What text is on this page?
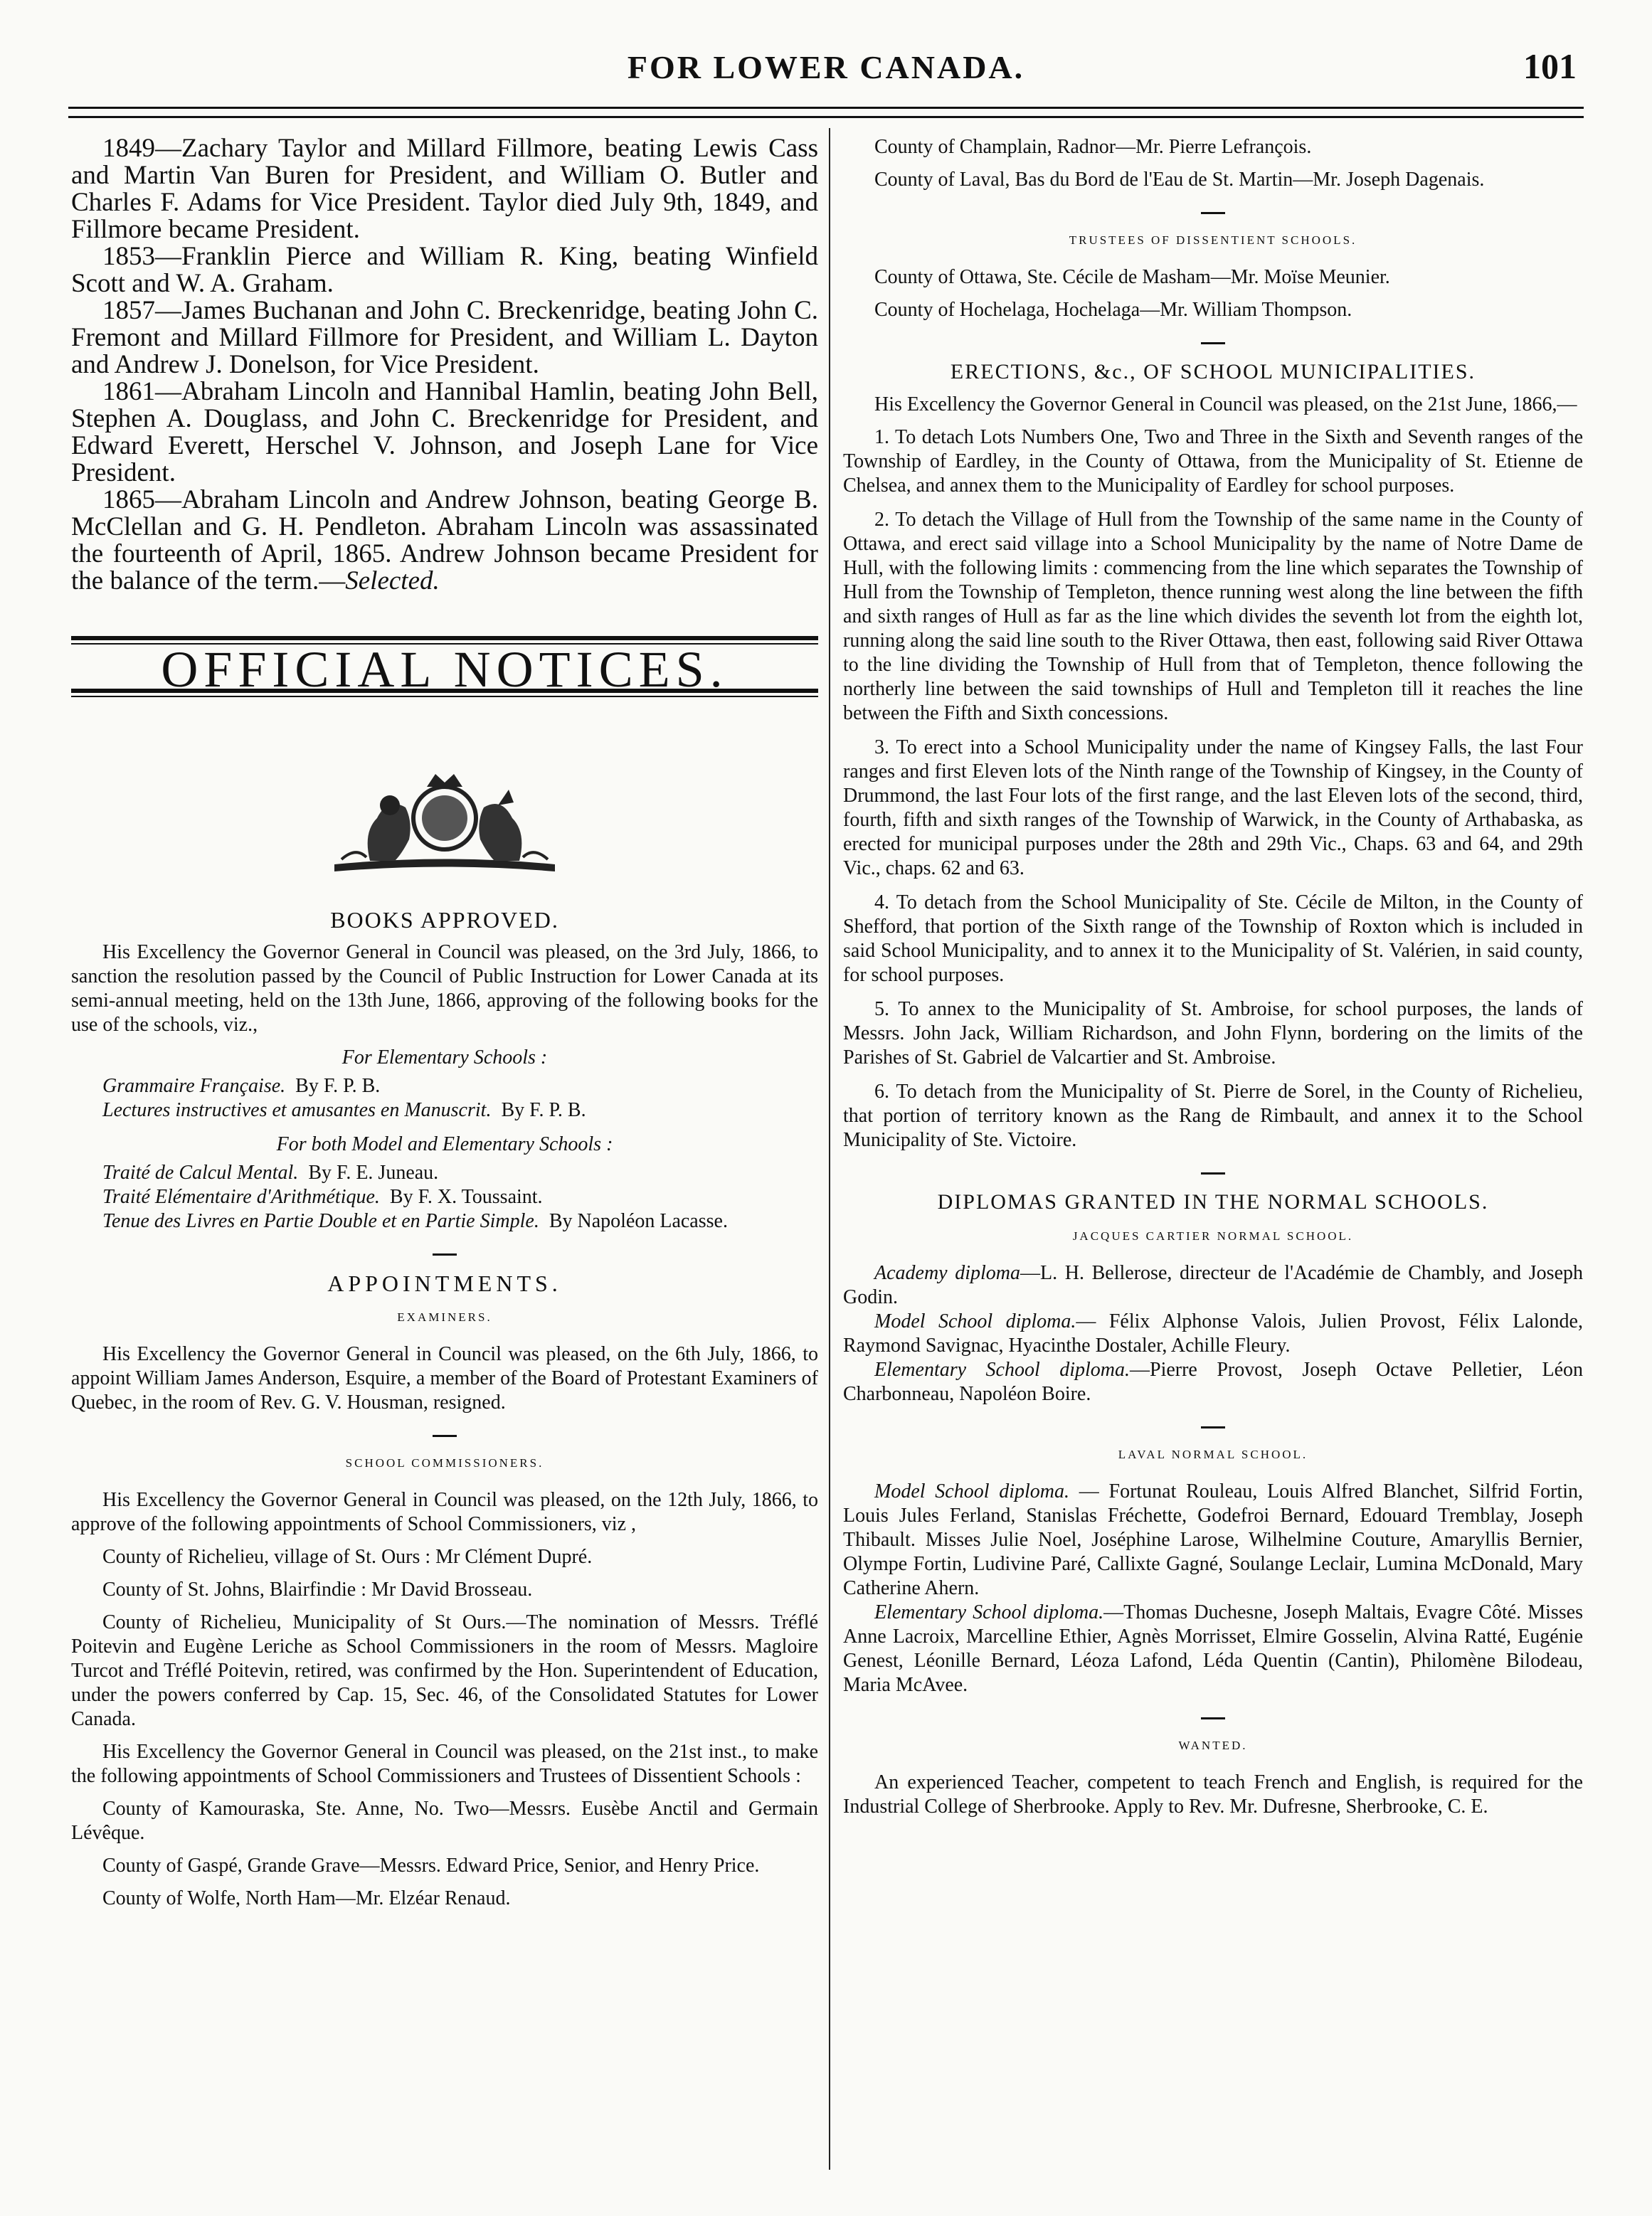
FOR LOWER CANADA.	101

1849—Zachary Taylor and Millard Fillmore, beating Lewis Cass and Martin Van Buren for President, and William O. Butler and Charles F. Adams for Vice President. Taylor died July 9th, 1849, and Fillmore became President.

1853—Franklin Pierce and William R. King, beating Winfield Scott and W. A. Graham.

1857—James Buchanan and John C. Breckenridge, beating John C. Fremont and Millard Fillmore for President, and William L. Dayton and Andrew J. Donelson, for Vice President.

1861—Abraham Lincoln and Hannibal Hamlin, beating John Bell, Stephen A. Douglass, and John C. Breckenridge for President, and Edward Everett, Herschel V. Johnson, and Joseph Lane for Vice President.

1865—Abraham Lincoln and Andrew Johnson, beating George B. McClellan and G. H. Pendleton. Abraham Lincoln was assassinated the fourteenth of April, 1865. Andrew Johnson became President for the balance of the term.—Selected.

OFFICIAL NOTICES.
BOOKS APPROVED.

His Excellency the Governor General in Council was pleased, on the 3rd July, 1866, to sanction the resolution passed by the Council of Public Instruction for Lower Canada at its semi-annual meeting, held on the 13th June, 1866, approving of the following books for the use of the schools, viz.,

For Elementary Schools :
Grammaire Française. By F. P. B.
Lectures instructives et amusantes en Manuscrit. By F. P. B.
For both Model and Elementary Schools :
Traité de Calcul Mental. By F. E. Juneau.
Traité Elémentaire d'Arithmétique. By F. X. Toussaint.
Tenue des Livres en Partie Double et en Partie Simple. By Napoléon Lacasse.
APPOINTMENTS.
EXAMINERS.

His Excellency the Governor General in Council was pleased, on the 6th July, 1866, to appoint William James Anderson, Esquire, a member of the Board of Protestant Examiners of Quebec, in the room of Rev. G. V. Housman, resigned.

SCHOOL COMMISSIONERS.

His Excellency the Governor General in Council was pleased, on the 12th July, 1866, to approve of the following appointments of School Commissioners, viz ,

County of Richelieu, village of St. Ours : Mr Clément Dupré.

County of St. Johns, Blairfindie : Mr David Brosseau.

County of Richelieu, Municipality of St Ours.—The nomination of Messrs. Tréflé Poitevin and Eugène Leriche as School Commissioners in the room of Messrs. Magloire Turcot and Tréflé Poitevin, retired, was confirmed by the Hon. Superintendent of Education, under the powers conferred by Cap. 15, Sec. 46, of the Consolidated Statutes for Lower Canada.

His Excellency the Governor General in Council was pleased, on the 21st inst., to make the following appointments of School Commissioners and Trustees of Dissentient Schools :

County of Kamouraska, Ste. Anne, No. Two—Messrs. Eusèbe Anctil and Germain Lévêque.

County of Gaspé, Grande Grave—Messrs. Edward Price, Senior, and Henry Price.

County of Wolfe, North Ham—Mr. Elzéar Renaud.

County of Champlain, Radnor—Mr. Pierre Lefrançois.

County of Laval, Bas du Bord de l'Eau de St. Martin—Mr. Joseph Dagenais.

TRUSTEES OF DISSENTIENT SCHOOLS.

County of Ottawa, Ste. Cécile de Masham—Mr. Moïse Meunier.

County of Hochelaga, Hochelaga—Mr. William Thompson.

ERECTIONS, &c., OF SCHOOL MUNICIPALITIES.

His Excellency the Governor General in Council was pleased, on the 21st June, 1866,—

1. To detach Lots Numbers One, Two and Three in the Sixth and Seventh ranges of the Township of Eardley, in the County of Ottawa, from the Municipality of St. Etienne de Chelsea, and annex them to the Municipality of Eardley for school purposes.
2. To detach the Village of Hull from the Township of the same name in the County of Ottawa, and erect said village into a School Municipality by the name of Notre Dame de Hull, with the following limits : commencing from the line which separates the Township of Hull from the Township of Templeton, thence running west along the line between the fifth and sixth ranges of Hull as far as the line which divides the seventh lot from the eighth lot, running along the said line south to the River Ottawa, then east, following said River Ottawa to the line dividing the Township of Hull from that of Templeton, thence following the northerly line between the said townships of Hull and Templeton till it reaches the line between the Fifth and Sixth concessions.
3. To erect into a School Municipality under the name of Kingsey Falls, the last Four ranges and first Eleven lots of the Ninth range of the Township of Kingsey, in the County of Drummond, the last Four lots of the first range, and the last Eleven lots of the second, third, fourth, fifth and sixth ranges of the Township of Warwick, in the County of Arthabaska, as erected for municipal purposes under the 28th and 29th Vic., Chaps. 63 and 64, and 29th Vic., chaps. 62 and 63.
4. To detach from the School Municipality of Ste. Cécile de Milton, in the County of Shefford, that portion of the Sixth range of the Township of Roxton which is included in said School Municipality, and to annex it to the Municipality of St. Valérien, in said county, for school purposes.
5. To annex to the Municipality of St. Ambroise, for school purposes, the lands of Messrs. John Jack, William Richardson, and John Flynn, bordering on the limits of the Parishes of St. Gabriel de Valcartier and St. Ambroise.
6. To detach from the Municipality of St. Pierre de Sorel, in the County of Richelieu, that portion of territory known as the Rang de Rimbault, and annex it to the School Municipality of Ste. Victoire.
DIPLOMAS GRANTED IN THE NORMAL SCHOOLS.
JACQUES CARTIER NORMAL SCHOOL.

Academy diploma—L. H. Bellerose, directeur de l'Académie de Chambly, and Joseph Godin.

Model School diploma.— Félix Alphonse Valois, Julien Provost, Félix Lalonde, Raymond Savignac, Hyacinthe Dostaler, Achille Fleury.

Elementary School diploma.—Pierre Provost, Joseph Octave Pelletier, Léon Charbonneau, Napoléon Boire.

LAVAL NORMAL SCHOOL.

Model School diploma. — Fortunat Rouleau, Louis Alfred Blanchet, Silfrid Fortin, Louis Jules Ferland, Stanislas Fréchette, Godefroi Bernard, Edouard Tremblay, Joseph Thibault. Misses Julie Noel, Joséphine Larose, Wilhelmine Couture, Amaryllis Bernier, Olympe Fortin, Ludivine Paré, Callixte Gagné, Soulange Leclair, Lumina McDonald, Mary Catherine Ahern.

Elementary School diploma.—Thomas Duchesne, Joseph Maltais, Evagre Côté. Misses Anne Lacroix, Marcelline Ethier, Agnès Morrisset, Elmire Gosselin, Alvina Ratté, Eugénie Genest, Léonille Bernard, Léoza Lafond, Léda Quentin (Cantin), Philomène Bilodeau, Maria McAvee.

WANTED.

An experienced Teacher, competent to teach French and English, is required for the Industrial College of Sherbrooke. Apply to Rev. Mr. Dufresne, Sherbrooke, C. E.
